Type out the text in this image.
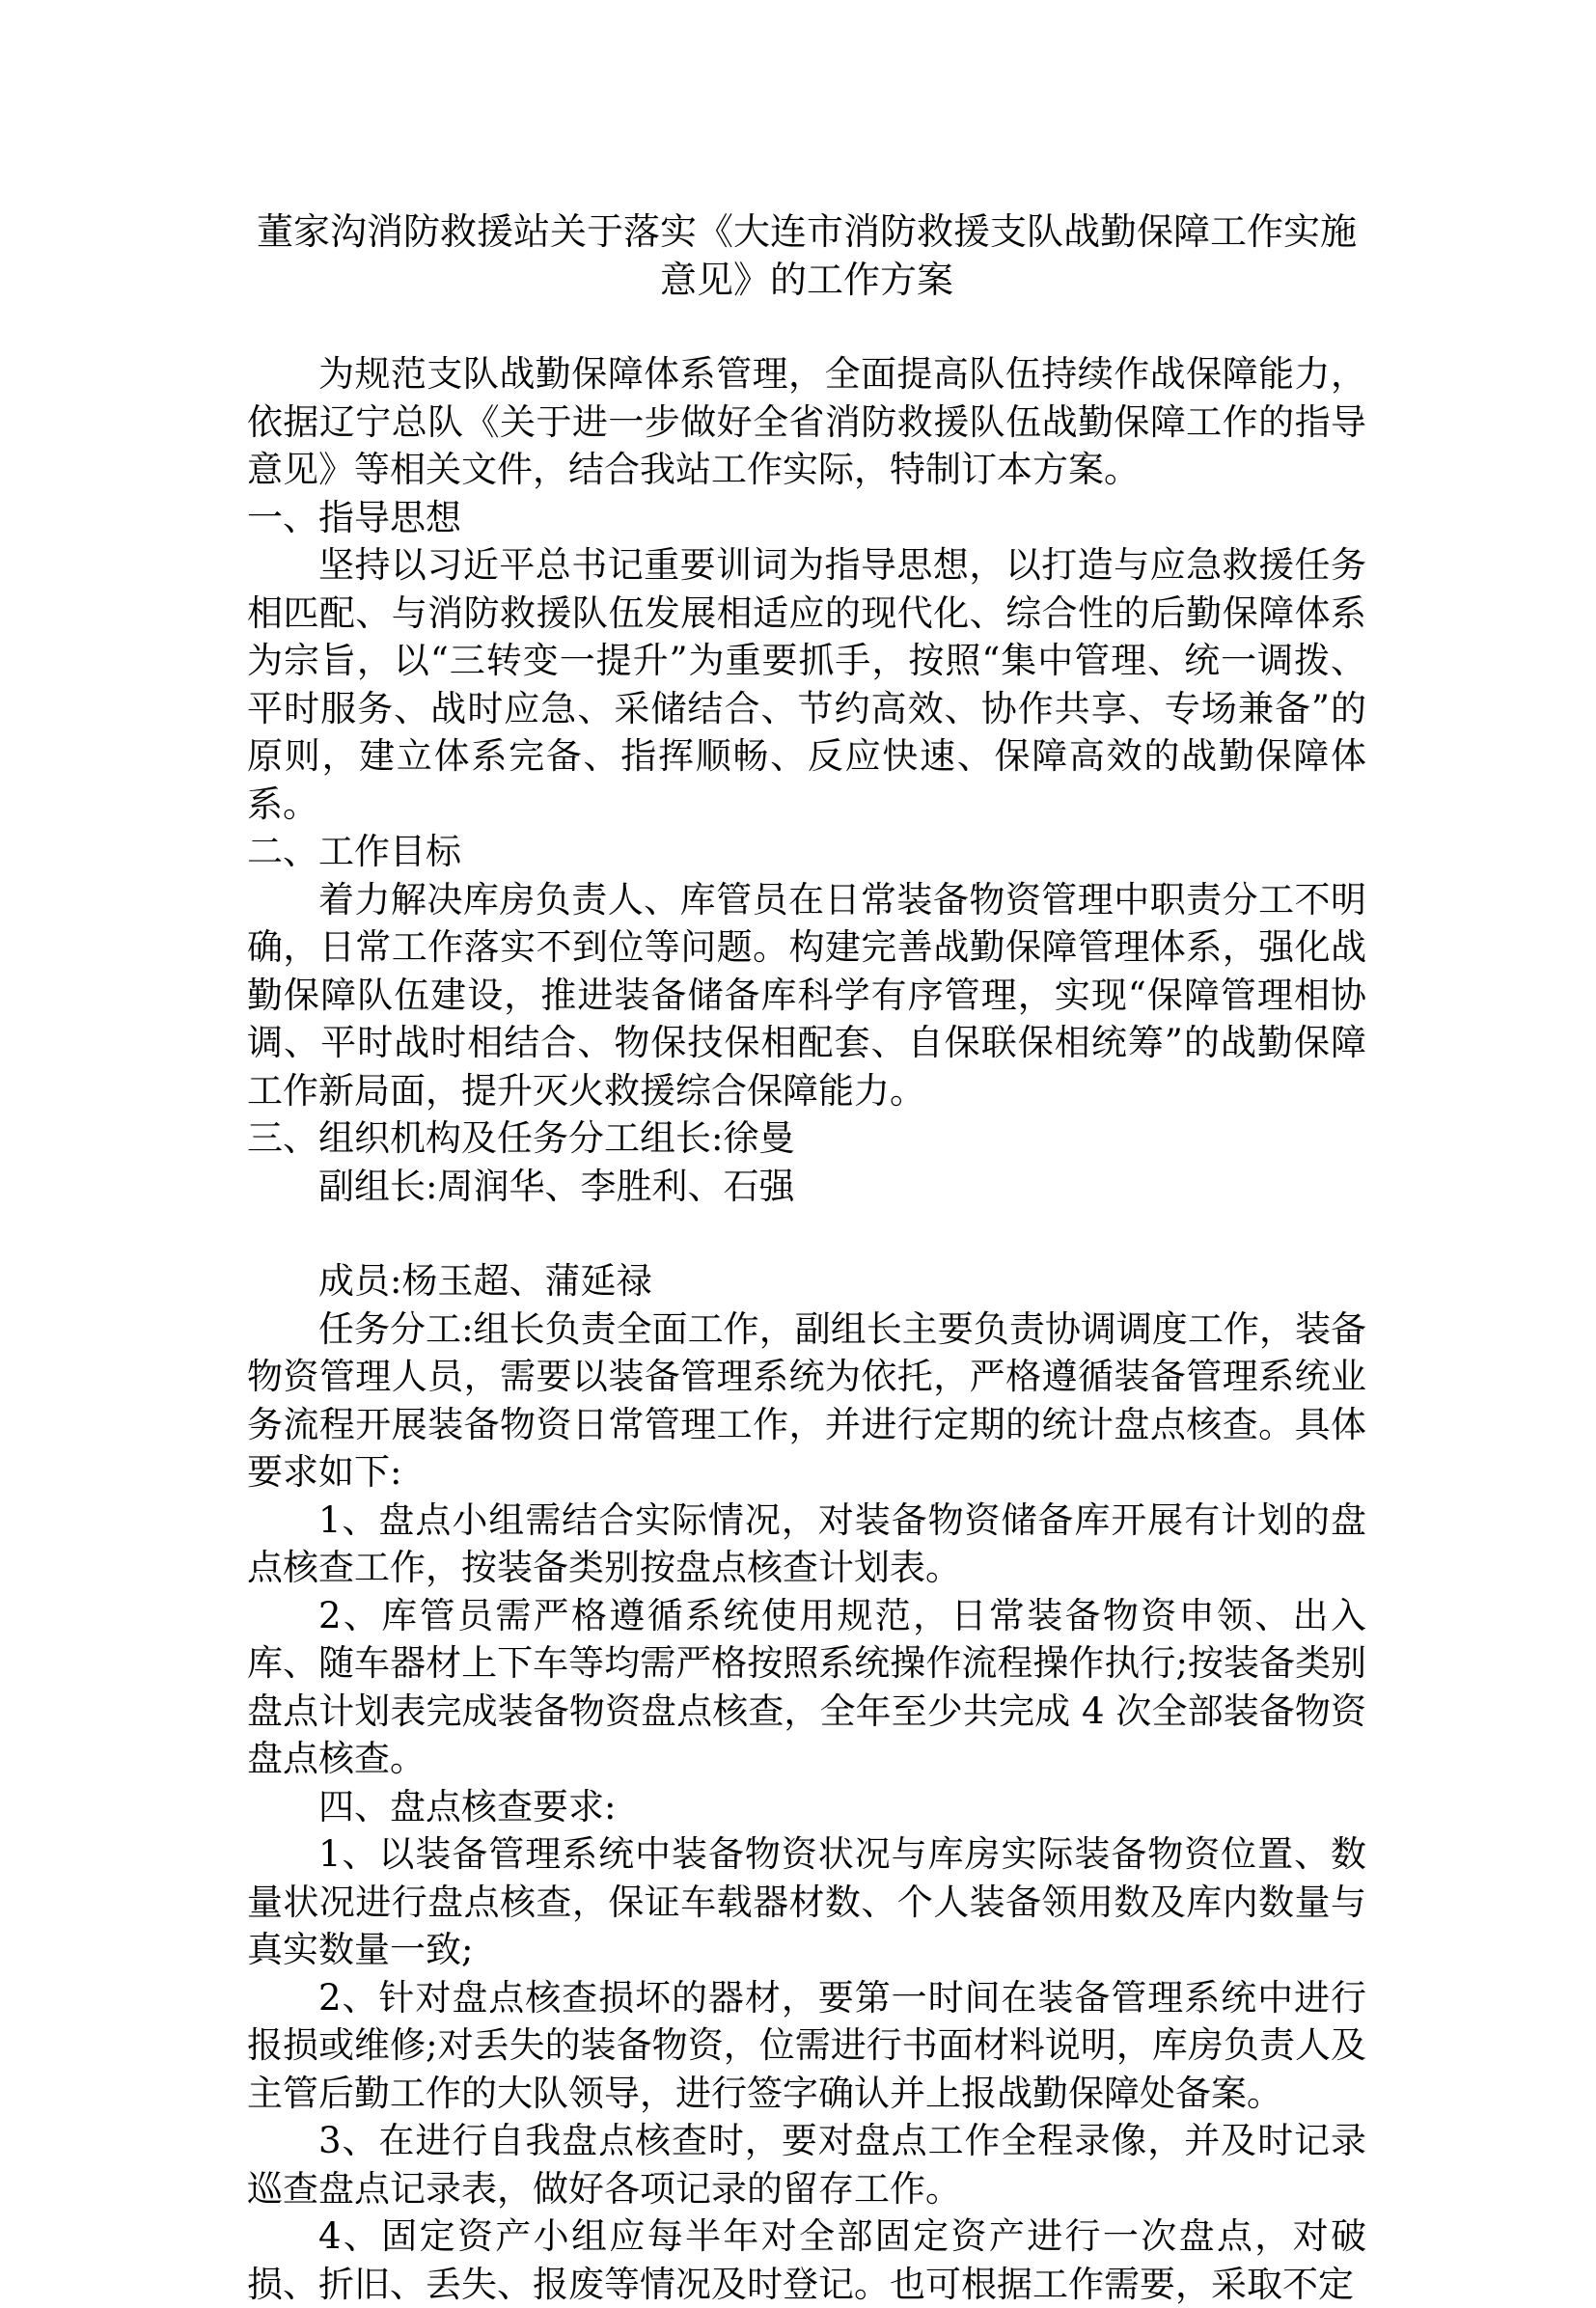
董家沟消防救援站关于落实《大连市消防救援支队战勤保障工作实施
意见》的工作方案

为规范支队战勤保障体系管理，全面提高队伍持续作战保障能力，依据辽宁总队《关于进一步做好全省消防救援队伍战勤保障工作的指导意见》等相关文件，结合我站工作实际，特制订本方案。

一、指导思想

坚持以习近平总书记重要训词为指导思想，以打造与应急救援任务相匹配、与消防救援队伍发展相适应的现代化、综合性的后勤保障体系为宗旨，以“三转变一提升”为重要抓手，按照“集中管理、统一调拨、平时服务、战时应急、采储结合、节约高效、协作共享、专场兼备”的原则，建立体系完备、指挥顺畅、反应快速、保障高效的战勤保障体系。

二、工作目标

着力解决库房负责人、库管员在日常装备物资管理中职责分工不明确，日常工作落实不到位等问题。构建完善战勤保障管理体系，强化战勤保障队伍建设，推进装备储备库科学有序管理，实现“保障管理相协调、平时战时相结合、物保技保相配套、自保联保相统筹”的战勤保障工作新局面，提升灭火救援综合保障能力。

三、组织机构及任务分工组长:徐曼

副组长:周润华、李胜利、石强

成员:杨玉超、蒲延禄

任务分工:组长负责全面工作，副组长主要负责协调调度工作，装备物资管理人员，需要以装备管理系统为依托，严格遵循装备管理系统业务流程开展装备物资日常管理工作，并进行定期的统计盘点核查。具体要求如下:

1、盘点小组需结合实际情况，对装备物资储备库开展有计划的盘点核查工作，按装备类别按盘点核查计划表。

2、库管员需严格遵循系统使用规范，日常装备物资申领、出入库、随车器材上下车等均需严格按照系统操作流程操作执行;按装备类别盘点计划表完成装备物资盘点核查，全年至少共完成 4 次全部装备物资盘点核查。

四、盘点核查要求:

1、以装备管理系统中装备物资状况与库房实际装备物资位置、数量状况进行盘点核查，保证车载器材数、个人装备领用数及库内数量与真实数量一致;

2、针对盘点核查损坏的器材，要第一时间在装备管理系统中进行报损或维修;对丢失的装备物资，位需进行书面材料说明，库房负责人及主管后勤工作的大队领导，进行签字确认并上报战勤保障处备案。

3、在进行自我盘点核查时，要对盘点工作全程录像，并及时记录巡查盘点记录表，做好各项记录的留存工作。

4、固定资产小组应每半年对全部固定资产进行一次盘点，对破损、折旧、丢失、报废等情况及时登记。也可根据工作需要，采取不定
